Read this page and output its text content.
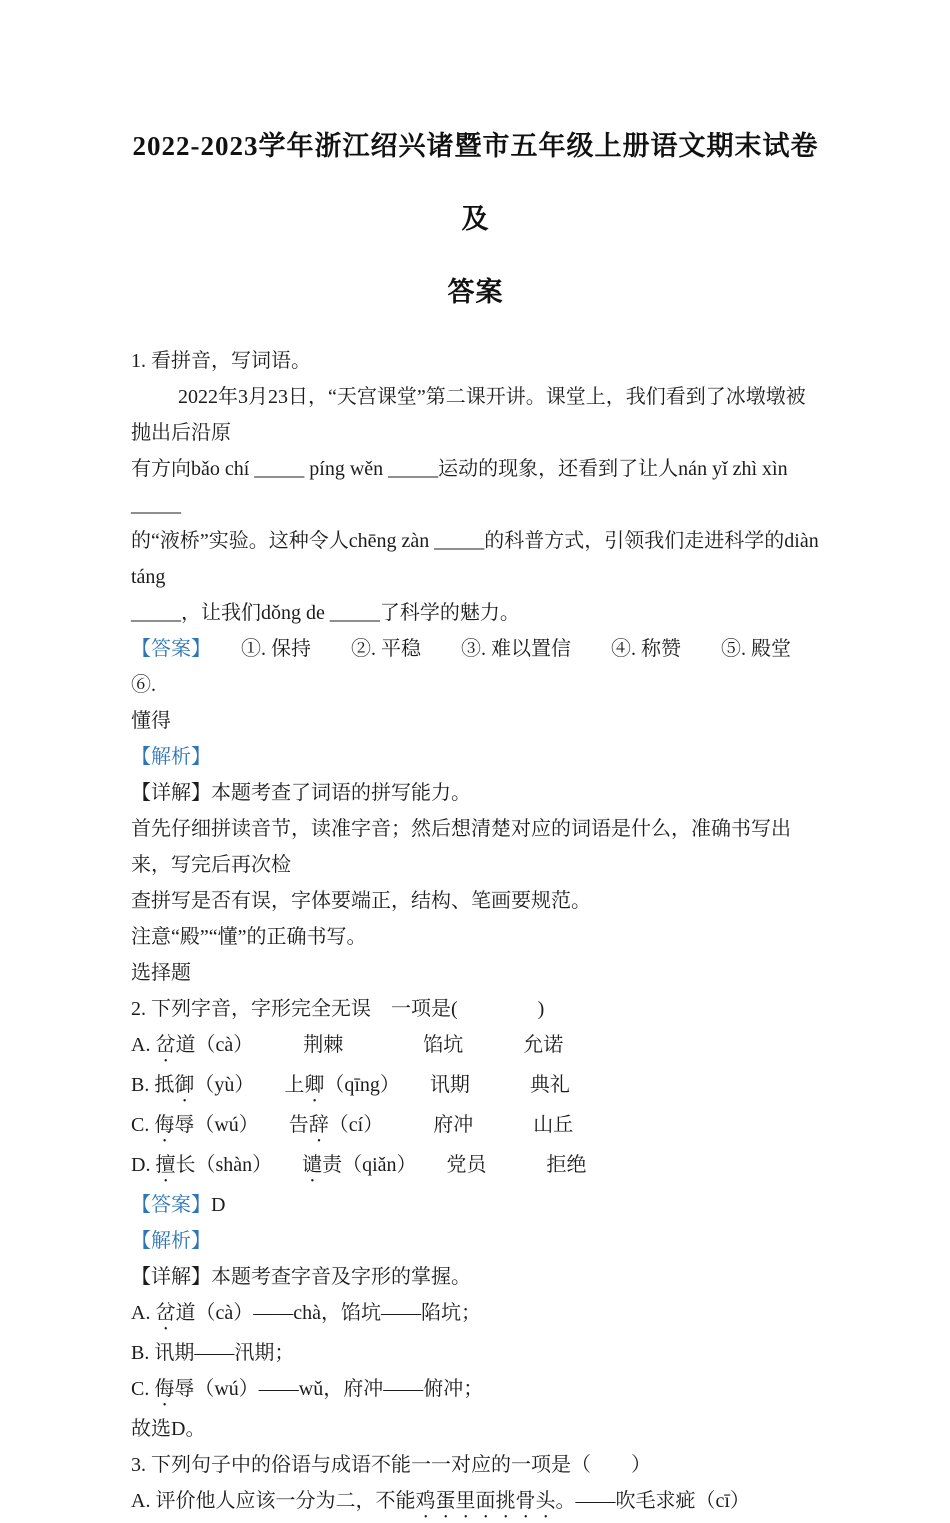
2022-2023学年浙江绍兴诸暨市五年级上册语文期末试卷及
答案
1. 看拼音，写词语。
2022年3月23日，“天宫课堂”第二课开讲。课堂上，我们看到了冰墩墩被抛出后沿原
有方向bǎo chí _____ píng wěn _____运动的现象，还看到了让人nán yǐ zhì xìn _____
的“液桥”实验。这种令人chēng zàn _____的科普方式，引领我们走进科学的diàn táng
_____，让我们dǒng de _____了科学的魅力。
【答案】　　①. 保持　　②. 平稳　　③. 难以置信　　④. 称赞　　⑤. 殿堂　　⑥.
懂得
【解析】
【详解】本题考查了词语的拼写能力。
首先仔细拼读音节，读准字音；然后想清楚对应的词语是什么，准确书写出来，写完后再次检
查拼写是否有误，字体要端正，结构、笔画要规范。
注意“殿”“懂”的正确书写。
选择题
2. 下列字音，字形完全无误　一项是(　　　　)
A. 岔道（cà）　　　荆棘　　　　馅坑　　　允诺
B. 抵御（yù）　　上卿（qīng）　　讯期　　　典礼
C. 侮辱（wú）　　告辞（cí）　　　府冲　　　山丘
D. 擅长（shàn）　　谴责（qiǎn）　　党员　　　拒绝
【答案】D
【解析】
【详解】本题考查字音及字形的掌握。
A. 岔道（cà）——chà，馅坑——陷坑；
B. 讯期——汛期；
C. 侮辱（wú）——wǔ，府冲——俯冲；
故选D。
3. 下列句子中的俗语与成语不能一一对应的一项是（　　）
A. 评价他人应该一分为二，不能鸡蛋里面挑骨头。——吹毛求疵（cī）
